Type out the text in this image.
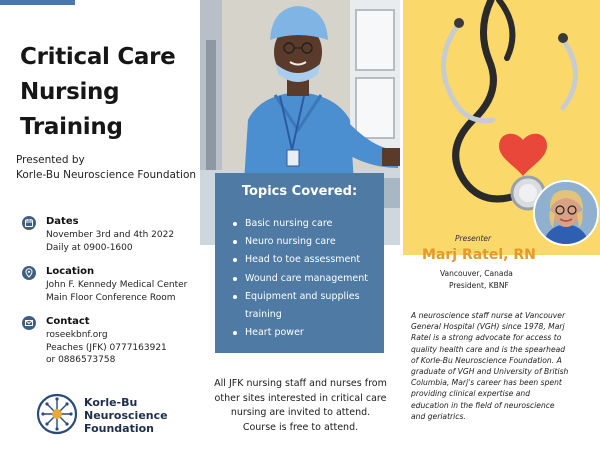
Critical Care
Nursing
Training
Presented by
Korle-Bu Neuroscience Foundation
Dates
November 3rd and 4th 2022
Daily at 0900-1600
Location
John F. Kennedy Medical Center
Main Floor Conference Room
Contact
roseekbnf.org
Peaches (JFK) 0777163921
or 0886573758
Korle-Bu
Neuroscience
Foundation
Topics Covered:
Basic nursing care
Neuro nursing care
Head to toe assessment
Wound care management
Equipment and supplies training
Heart power
All JFK nursing staff and nurses from
other sites interested in critical care
nursing are invited to attend.
Course is free to attend.
Presenter
Marj Ratel, RN
Vancouver, Canada
President, KBNF
A neuroscience staff nurse at Vancouver
General Hospital (VGH) since 1978, Marj
Ratel is a strong advocate for access to
quality health care and is the spearhead
of Korle-Bu Neuroscience Foundation. A
graduate of VGH and University of British
Columbia, Marj's career has been spent
providing clinical expertise and
education in the field of neuroscience
and geriatrics.
